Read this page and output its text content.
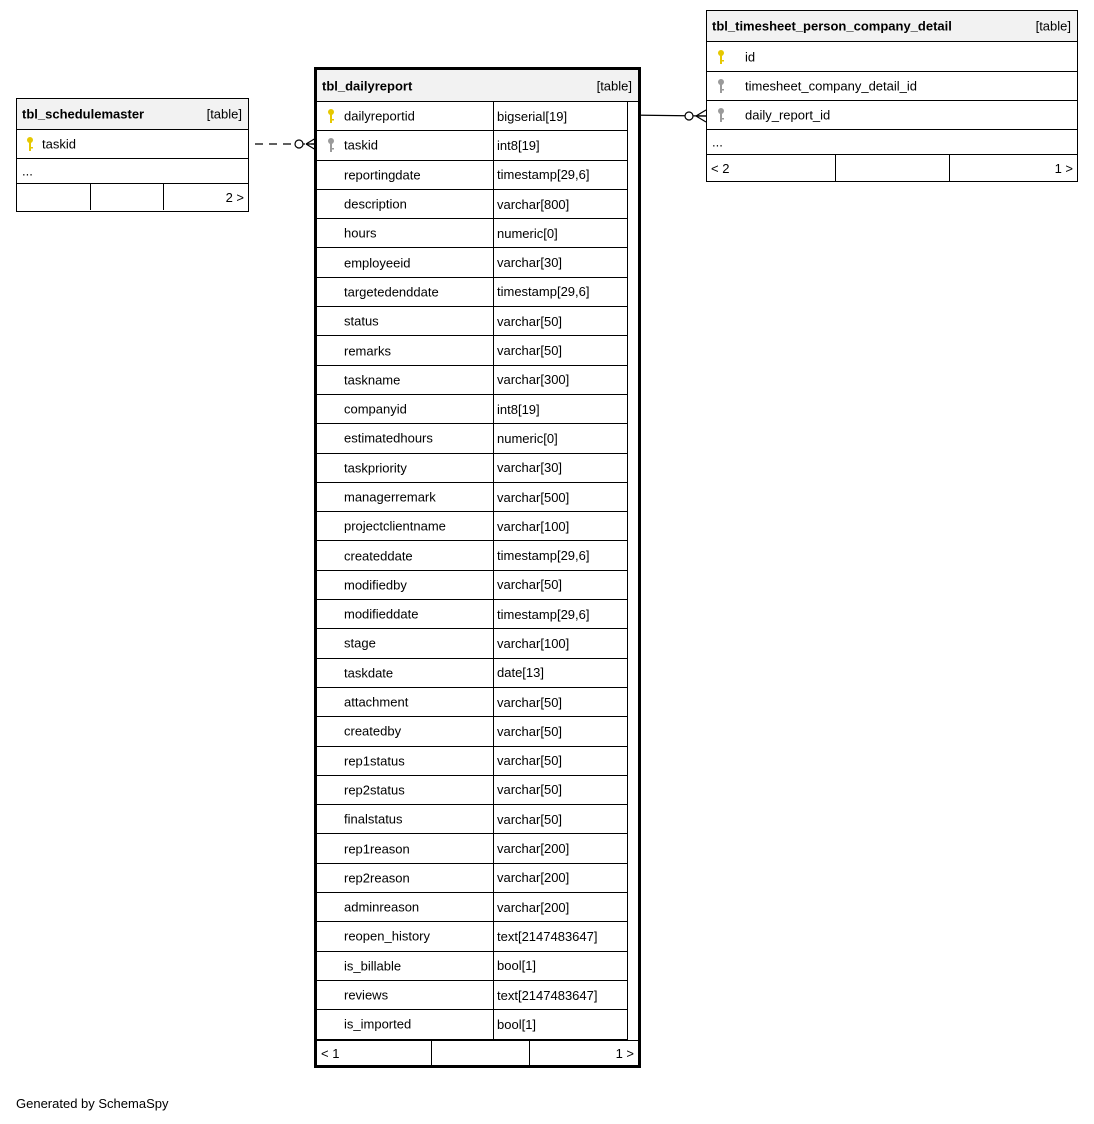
tbl_schedulemaster	[table]
taskid
...
2 >
tbl_timesheet_person_company_detail	[table]
id
timesheet_company_detail_id
daily_report_id
...
< 2	1 >
tbl_dailyreport	[table]
dailyreportid	bigserial[19]
taskid	int8[19]
reportingdate	timestamp[29,6]
description	varchar[800]
hours	numeric[0]
employeeid	varchar[30]
targetedenddate	timestamp[29,6]
status	varchar[50]
remarks	varchar[50]
taskname	varchar[300]
companyid	int8[19]
estimatedhours	numeric[0]
taskpriority	varchar[30]
managerremark	varchar[500]
projectclientname	varchar[100]
createddate	timestamp[29,6]
modifiedby	varchar[50]
modifieddate	timestamp[29,6]
stage	varchar[100]
taskdate	date[13]
attachment	varchar[50]
createdby	varchar[50]
rep1status	varchar[50]
rep2status	varchar[50]
finalstatus	varchar[50]
rep1reason	varchar[200]
rep2reason	varchar[200]
adminreason	varchar[200]
reopen_history	text[2147483647]
is_billable	bool[1]
reviews	text[2147483647]
is_imported	bool[1]
< 1	1 >
Generated by SchemaSpy
